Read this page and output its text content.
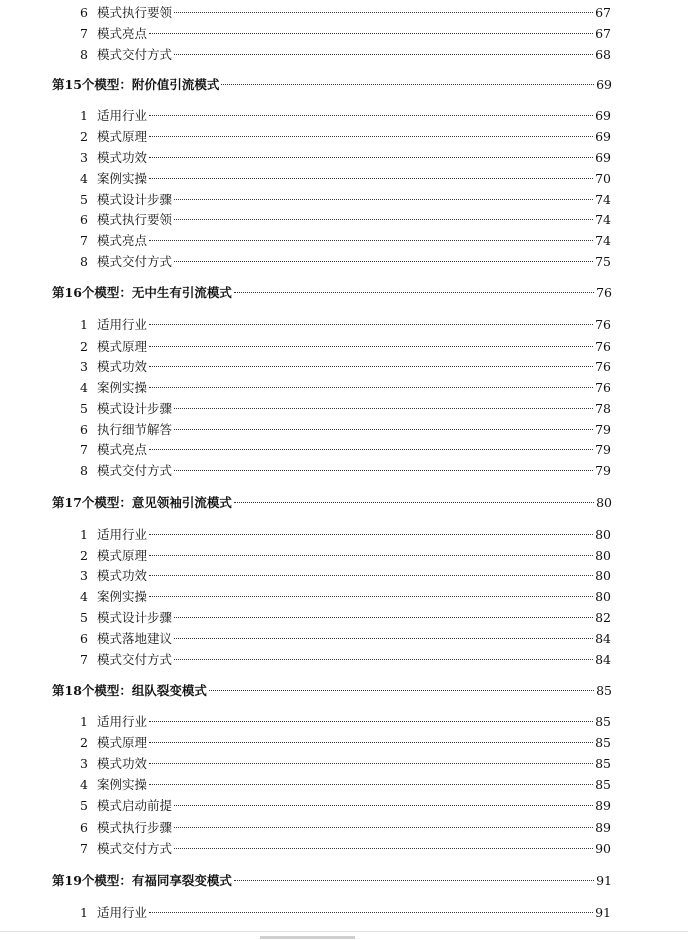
6 模式执行要领	67
7 模式亮点	67
8 模式交付方式	68
第15个模型：附价值引流模式	69
1 适用行业	69
2 模式原理	69
3 模式功效	69
4 案例实操	70
5 模式设计步骤	74
6 模式执行要领	74
7 模式亮点	74
8 模式交付方式	75
第16个模型：无中生有引流模式	76
1 适用行业	76
2 模式原理	76
3 模式功效	76
4 案例实操	76
5 模式设计步骤	78
6 执行细节解答	79
7 模式亮点	79
8 模式交付方式	79
第17个模型：意见领袖引流模式	80
1 适用行业	80
2 模式原理	80
3 模式功效	80
4 案例实操	80
5 模式设计步骤	82
6 模式落地建议	84
7 模式交付方式	84
第18个模型：组队裂变模式	85
1 适用行业	85
2 模式原理	85
3 模式功效	85
4 案例实操	85
5 模式启动前提	89
6 模式执行步骤	89
7 模式交付方式	90
第19个模型：有福同享裂变模式	91
1 适用行业	91
